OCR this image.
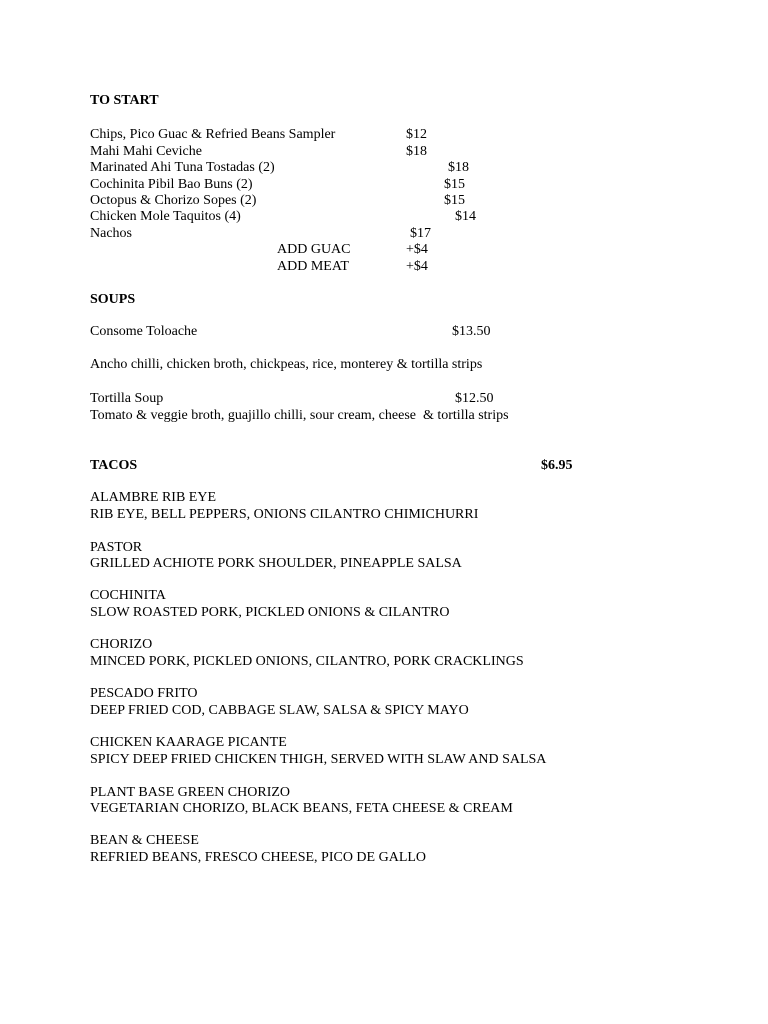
TO START
Chips, Pico Guac & Refried Beans Sampler	$12
Mahi Mahi Ceviche	$18
Marinated Ahi Tuna Tostadas (2)	$18
Cochinita Pibil Bao Buns (2)	$15
Octopus & Chorizo Sopes (2)	$15
Chicken Mole Taquitos (4)	$14
Nachos	$17
ADD GUAC	+$4
ADD MEAT	+$4
SOUPS
Consome Toloache	$13.50
Ancho chilli, chicken broth, chickpeas, rice, monterey & tortilla strips
Tortilla Soup	$12.50
Tomato & veggie broth, guajillo chilli, sour cream, cheese  & tortilla strips
TACOS	$6.95
ALAMBRE RIB EYE
RIB EYE, BELL PEPPERS, ONIONS CILANTRO CHIMICHURRI
PASTOR
GRILLED ACHIOTE PORK SHOULDER, PINEAPPLE SALSA
COCHINITA
SLOW ROASTED PORK, PICKLED ONIONS & CILANTRO
CHORIZO
MINCED PORK, PICKLED ONIONS, CILANTRO, PORK CRACKLINGS
PESCADO FRITO
DEEP FRIED COD, CABBAGE SLAW, SALSA & SPICY MAYO
CHICKEN KAARAGE PICANTE
SPICY DEEP FRIED CHICKEN THIGH, SERVED WITH SLAW AND SALSA
PLANT BASE GREEN CHORIZO
VEGETARIAN CHORIZO, BLACK BEANS, FETA CHEESE & CREAM
BEAN & CHEESE
REFRIED BEANS, FRESCO CHEESE, PICO DE GALLO
